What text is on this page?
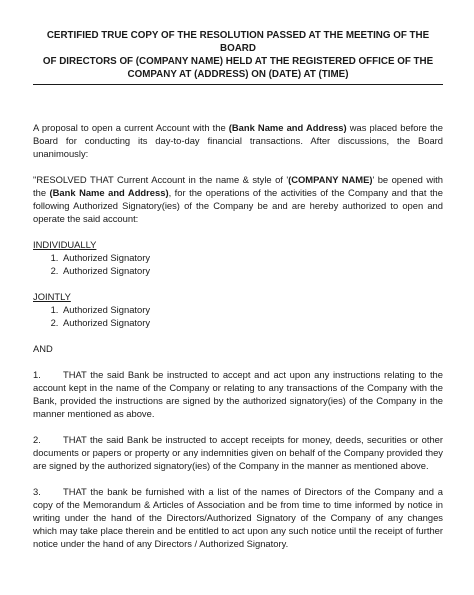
CERTIFIED TRUE COPY OF THE RESOLUTION PASSED AT THE MEETING OF THE BOARD
OF DIRECTORS OF (COMPANY NAME) HELD AT THE REGISTERED OFFICE OF THE
COMPANY AT (ADDRESS) ON (DATE) AT (TIME)

A proposal to open a current Account with the (Bank Name and Address) was placed before the Board for conducting its day-to-day financial transactions. After discussions, the Board unanimously:

"RESOLVED THAT Current Account in the name & style of '(COMPANY NAME)' be opened with the (Bank Name and Address), for the operations of the activities of the Company and that the following Authorized Signatory(ies) of the Company be and are hereby authorized to open and operate the said account:

INDIVIDUALLY
1. Authorized Signatory
2. Authorized Signatory
JOINTLY
1. Authorized Signatory
2. Authorized Signatory
AND
1. THAT the said Bank be instructed to accept and act upon any instructions relating to the account kept in the name of the Company or relating to any transactions of the Company with the Bank, provided the instructions are signed by the authorized signatory(ies) of the Company in the manner mentioned as above.
2. THAT the said Bank be instructed to accept receipts for money, deeds, securities or other documents or papers or property or any indemnities given on behalf of the Company provided they are signed by the authorized signatory(ies) of the Company in the manner as mentioned above.
3. THAT the bank be furnished with a list of the names of Directors of the Company and a copy of the Memorandum & Articles of Association and be from time to time informed by notice in writing under the hand of the Directors/Authorized Signatory of the Company of any changes which may take place therein and be entitled to act upon any such notice until the receipt of further notice under the hand of any Directors / Authorized Signatory.
